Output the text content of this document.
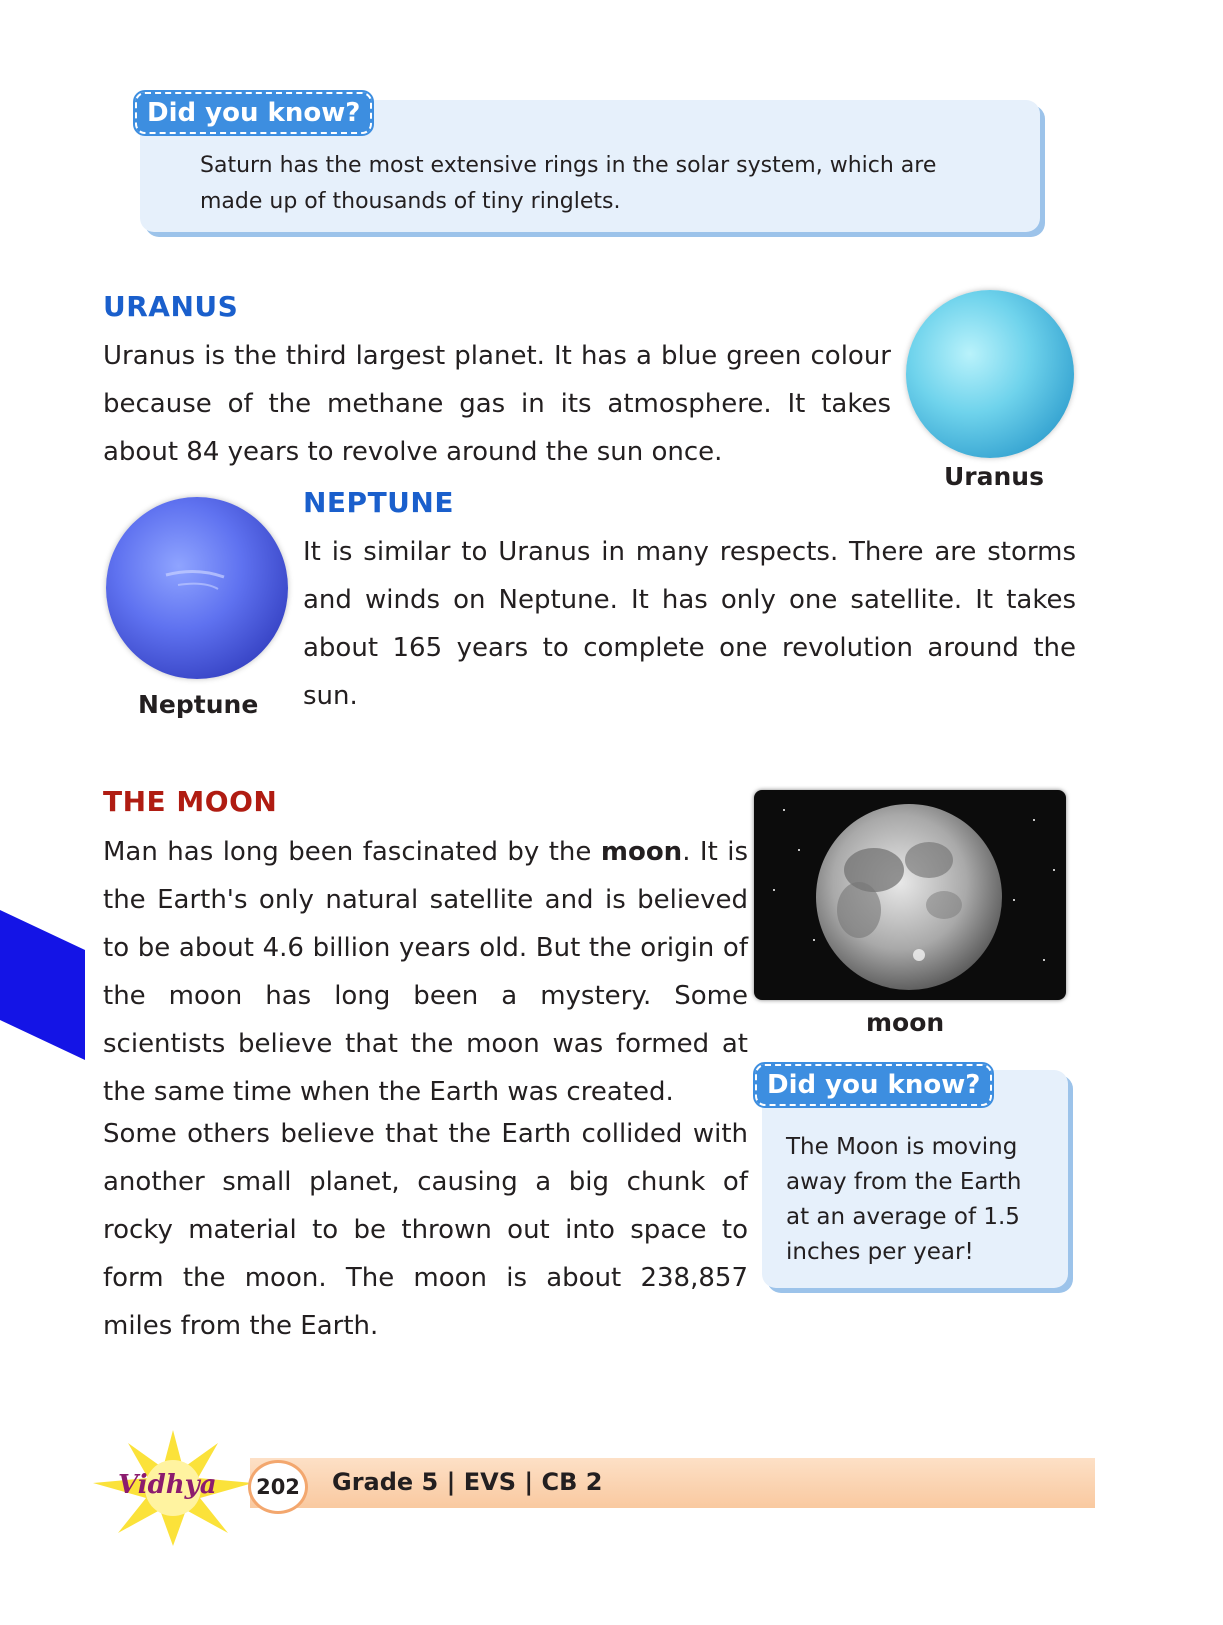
Did you know?
Saturn has the most extensive rings in the solar system, which are made up of thousands of tiny ringlets.
URANUS
Uranus is the third largest planet. It has a blue green colour because of the methane gas in its atmosphere. It takes about 84 years to revolve around the sun once.
Uranus
Neptune
NEPTUNE
It is similar to Uranus in many respects. There are storms and winds on Neptune. It has only one satellite. It takes about 165 years to complete one revolution around the sun.
THE MOON
Man has long been fascinated by the moon. It is the Earth's only natural satellite and is believed to be about 4.6 billion years old. But the origin of the moon has long been a mystery. Some scientists believe that the moon was formed at the same time when the Earth was created.
Some others believe that the Earth collided with another small planet, causing a big chunk of rocky material to be thrown out into space to form the moon. The moon is about 238,857 miles from the Earth.
moon
Did you know?
The Moon is moving away from the Earth at an average of 1.5 inches per year!
Vidhya 202 Grade 5 | EVS | CB 2
